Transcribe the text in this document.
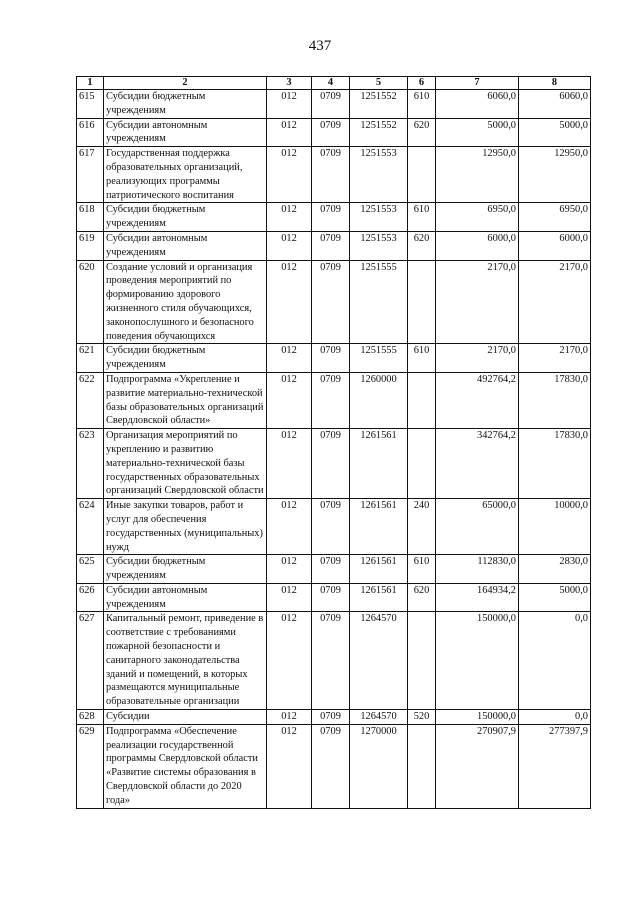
437
1	2	3	4	5	6	7	8
615	Субсидии бюджетным учреждениям	012	0709	1251552	610	6060,0	6060,0
616	Субсидии автономным учреждениям	012	0709	1251552	620	5000,0	5000,0
617	Государственная поддержка образовательных организаций, реализующих программы патриотического воспитания	012	0709	1251553		12950,0	12950,0
618	Субсидии бюджетным учреждениям	012	0709	1251553	610	6950,0	6950,0
619	Субсидии автономным учреждениям	012	0709	1251553	620	6000,0	6000,0
620	Создание условий и организация проведения мероприятий по формированию здорового жизненного стиля обучающихся, законопослушного и безопасного поведения обучающихся	012	0709	1251555		2170,0	2170,0
621	Субсидии бюджетным учреждениям	012	0709	1251555	610	2170,0	2170,0
622	Подпрограмма «Укрепление и развитие материально-технической базы образовательных организаций Свердловской области»	012	0709	1260000		492764,2	17830,0
623	Организация мероприятий по укреплению и развитию материально-технической базы государственных образовательных организаций Свердловской области	012	0709	1261561		342764,2	17830,0
624	Иные закупки товаров, работ и услуг для обеспечения государственных (муниципальных) нужд	012	0709	1261561	240	65000,0	10000,0
625	Субсидии бюджетным учреждениям	012	0709	1261561	610	112830,0	2830,0
626	Субсидии автономным учреждениям	012	0709	1261561	620	164934,2	5000,0
627	Капитальный ремонт, приведение в соответствие с требованиями пожарной безопасности и санитарного законодательства зданий и помещений, в которых размещаются муниципальные образовательные организации	012	0709	1264570		150000,0	0,0
628	Субсидии	012	0709	1264570	520	150000,0	0,0
629	Подпрограмма «Обеспечение реализации государственной программы Свердловской области «Развитие системы образования в Свердловской области до 2020 года»	012	0709	1270000		270907,9	277397,9
